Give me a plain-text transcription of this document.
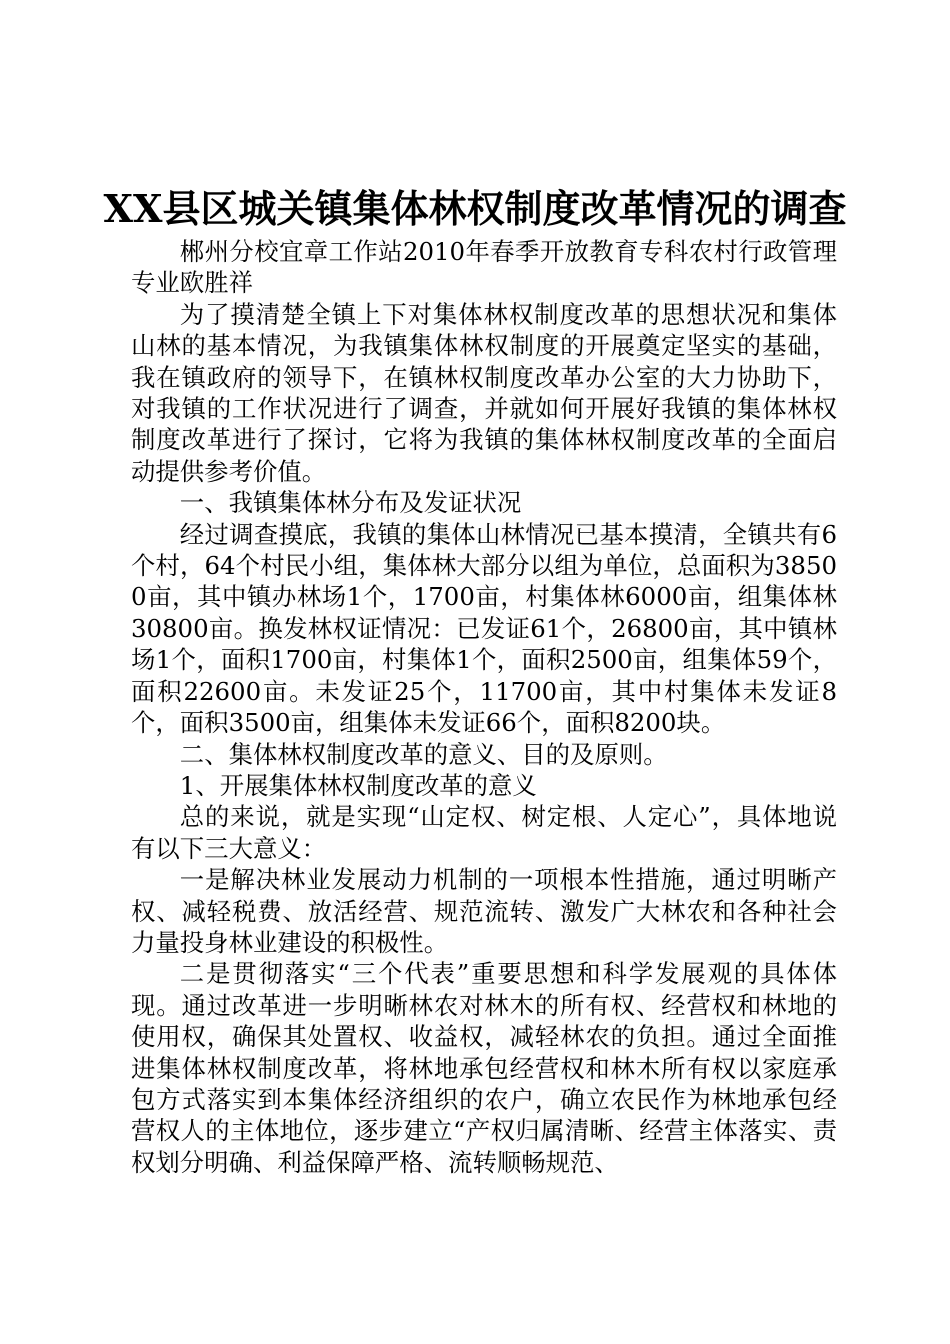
XX县区城关镇集体林权制度改革情况的调查

郴州分校宜章工作站2010年春季开放教育专科农村行政管理专业欧胜祥

为了摸清楚全镇上下对集体林权制度改革的思想状况和集体山林的基本情况，为我镇集体林权制度的开展奠定坚实的基础，我在镇政府的领导下，在镇林权制度改革办公室的大力协助下，对我镇的工作状况进行了调查，并就如何开展好我镇的集体林权制度改革进行了探讨，它将为我镇的集体林权制度改革的全面启动提供参考价值。

一、我镇集体林分布及发证状况

经过调查摸底，我镇的集体山林情况已基本摸清，全镇共有6个村，64个村民小组，集体林大部分以组为单位，总面积为38500亩，其中镇办林场1个，1700亩，村集体林6000亩，组集体林30800亩。换发林权证情况：已发证61个，26800亩，其中镇林场1个，面积1700亩，村集体1个，面积2500亩，组集体59个，面积22600亩。未发证25个，11700亩，其中村集体未发证8个，面积3500亩，组集体未发证66个，面积8200块。

二、集体林权制度改革的意义、目的及原则。

1、开展集体林权制度改革的意义

总的来说，就是实现“山定权、树定根、人定心”，具体地说有以下三大意义：

一是解决林业发展动力机制的一项根本性措施，通过明晰产权、减轻税费、放活经营、规范流转、激发广大林农和各种社会力量投身林业建设的积极性。

二是贯彻落实“三个代表”重要思想和科学发展观的具体体现。通过改革进一步明晰林农对林木的所有权、经营权和林地的使用权，确保其处置权、收益权，减轻林农的负担。通过全面推进集体林权制度改革，将林地承包经营权和林木所有权以家庭承包方式落实到本集体经济组织的农户，确立农民作为林地承包经营权人的主体地位，逐步建立“产权归属清晰、经营主体落实、责权划分明确、利益保障严格、流转顺畅规范、
